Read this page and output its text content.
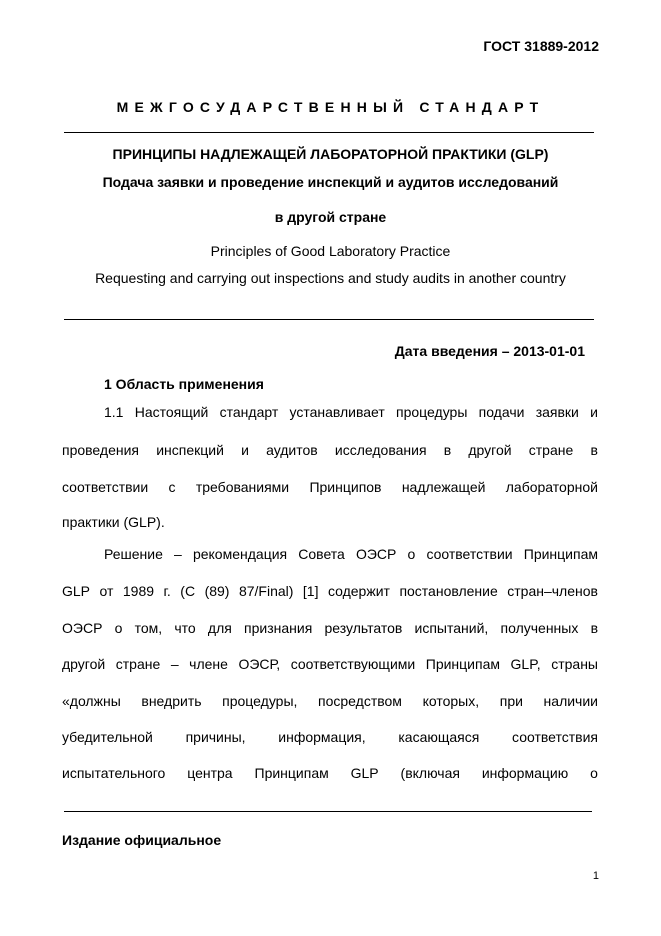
ГОСТ 31889-2012
МЕЖГОСУДАРСТВЕННЫЙ СТАНДАРТ
ПРИНЦИПЫ НАДЛЕЖАЩЕЙ ЛАБОРАТОРНОЙ ПРАКТИКИ (GLP)
Подача заявки и проведение инспекций и аудитов исследований
в другой стране
Principles of Good Laboratory Practice
Requesting and carrying out inspections and study audits in another country
Дата введения – 2013-01-01
1 Область применения
1.1 Настоящий стандарт устанавливает процедуры подачи заявки и
проведения инспекций и аудитов исследования в другой стране в
соответствии с требованиями Принципов надлежащей лабораторной
практики (GLP).
Решение – рекомендация Совета ОЭСР о соответствии Принципам
GLP от 1989 г. (С (89) 87/Final) [1] содержит постановление стран–членов
ОЭСР о том, что для признания результатов испытаний, полученных в
другой стране – члене ОЭСР, соответствующими Принципам GLP, страны
«должны внедрить процедуры, посредством которых, при наличии
убедительной причины, информация, касающаяся соответствия
испытательного центра Принципам GLP (включая информацию о
Издание официальное
1
